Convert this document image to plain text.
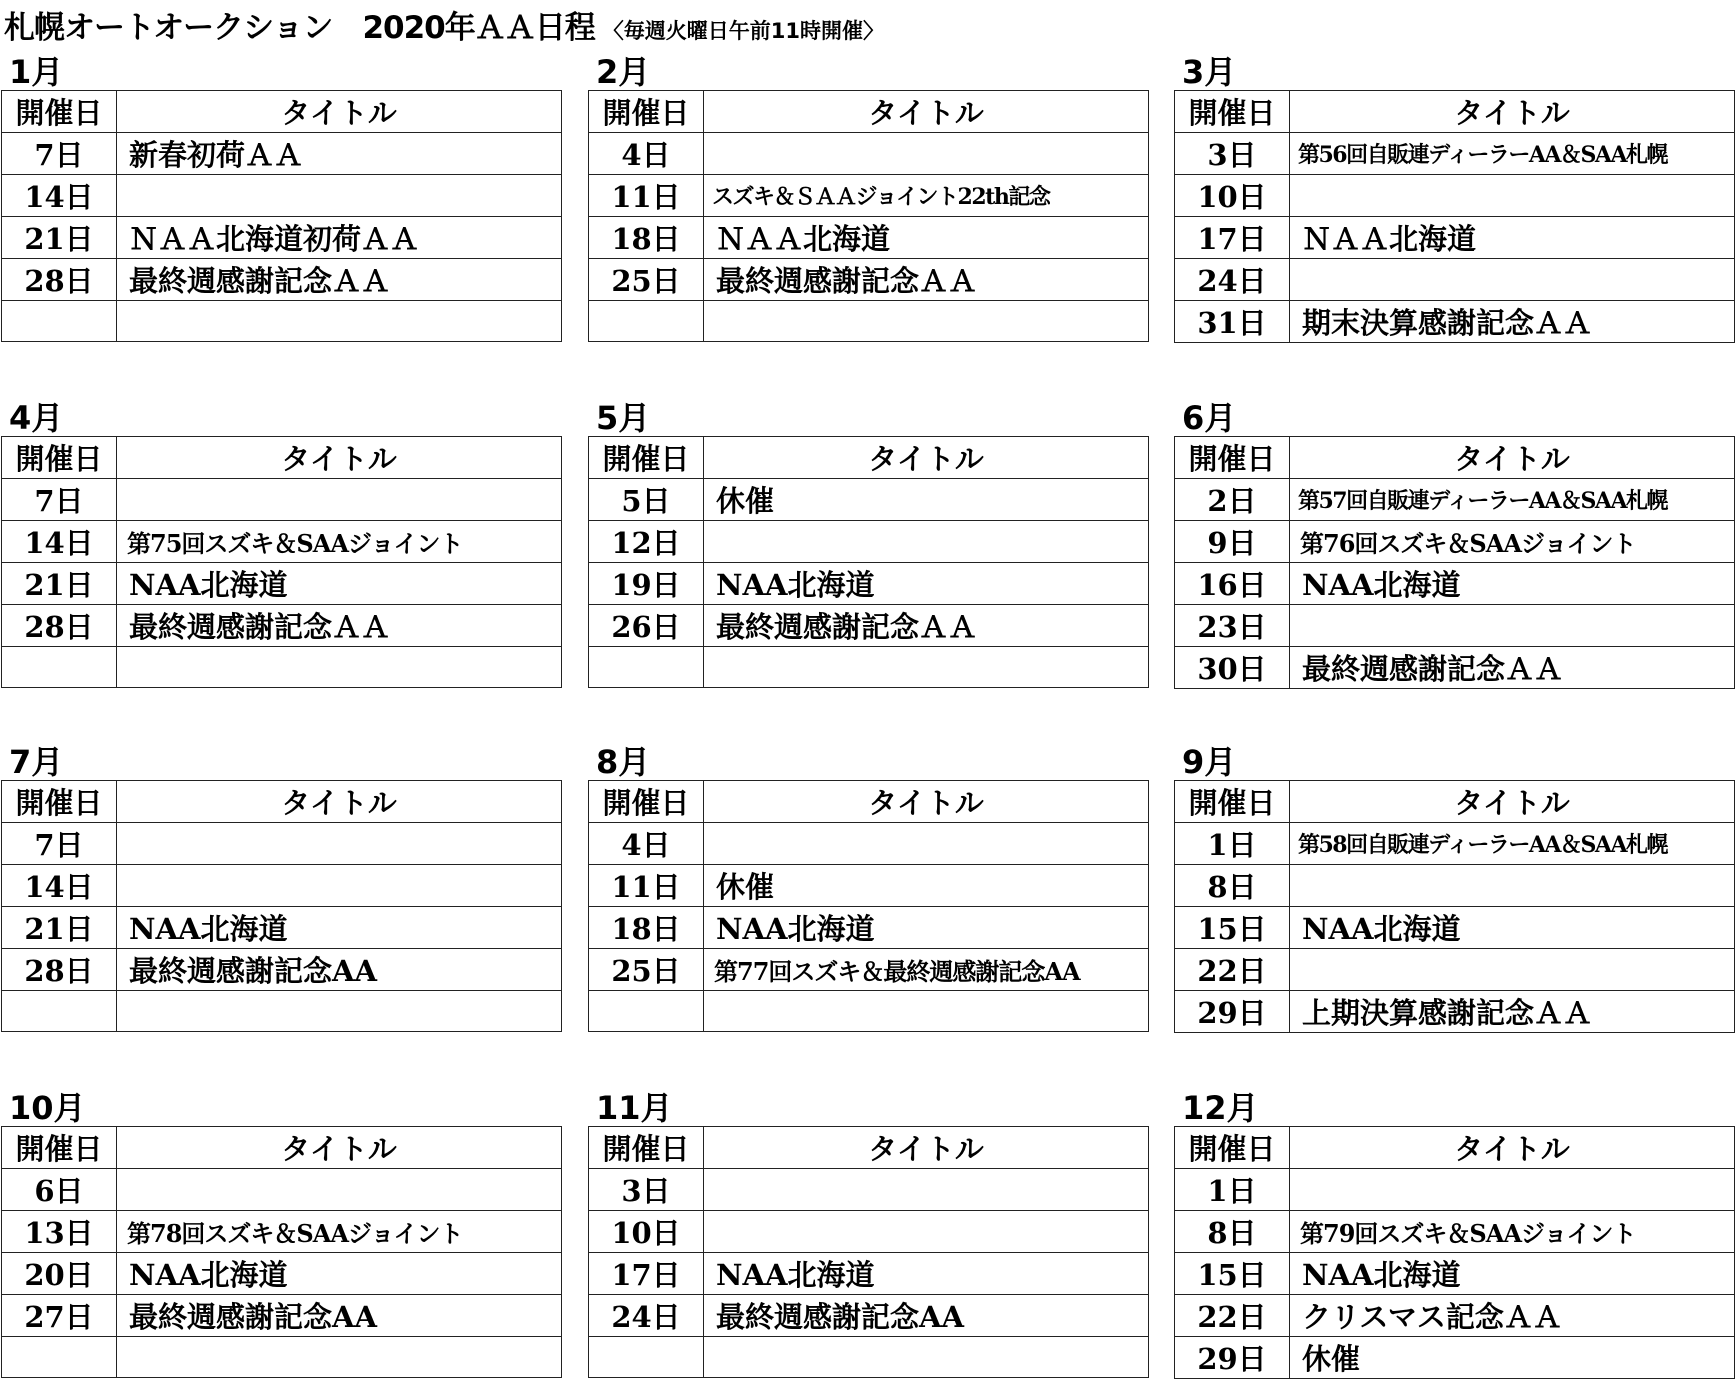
札幌オートオークション　2020年ＡＡ日程 〈毎週火曜日午前11時開催〉
1月
開催日	タイトル
7日	新春初荷ＡＡ
14日	
21日	ＮＡＡ北海道初荷ＡＡ
28日	最終週感謝記念ＡＡ

2月
開催日	タイトル
4日	
11日	スズキ＆ＳＡＡジョイント22th記念
18日	ＮＡＡ北海道
25日	最終週感謝記念ＡＡ

3月
開催日	タイトル
3日	第56回自販連ディーラーAA＆SAA札幌
10日	
17日	ＮＡＡ北海道
24日	
31日	期末決算感謝記念ＡＡ
4月
開催日	タイトル
7日	
14日	第75回スズキ＆SAAジョイント
21日	NAA北海道
28日	最終週感謝記念ＡＡ

5月
開催日	タイトル
5日	休催
12日	
19日	NAA北海道
26日	最終週感謝記念ＡＡ

6月
開催日	タイトル
2日	第57回自販連ディーラーAA＆SAA札幌
9日	第76回スズキ＆SAAジョイント
16日	NAA北海道
23日	
30日	最終週感謝記念ＡＡ
7月
開催日	タイトル
7日	
14日	
21日	NAA北海道
28日	最終週感謝記念AA

8月
開催日	タイトル
4日	
11日	休催
18日	NAA北海道
25日	第77回スズキ＆最終週感謝記念AA

9月
開催日	タイトル
1日	第58回自販連ディーラーAA＆SAA札幌
8日	
15日	NAA北海道
22日	
29日	上期決算感謝記念ＡＡ
10月
開催日	タイトル
6日	
13日	第78回スズキ＆SAAジョイント
20日	NAA北海道
27日	最終週感謝記念AA

11月
開催日	タイトル
3日	
10日	
17日	NAA北海道
24日	最終週感謝記念AA

12月
開催日	タイトル
1日	
8日	第79回スズキ＆SAAジョイント
15日	NAA北海道
22日	クリスマス記念ＡＡ
29日	休催
